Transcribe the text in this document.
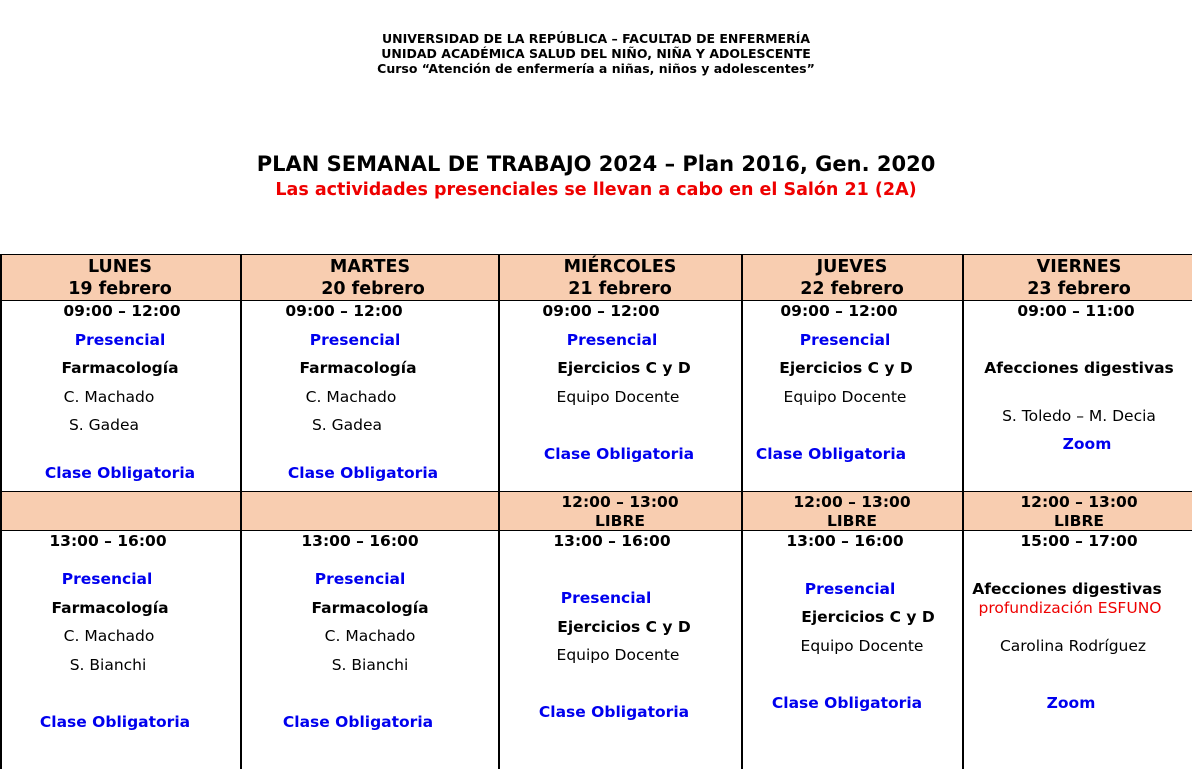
UNIVERSIDAD DE LA REPÚBLICA – FACULTAD DE ENFERMERÍA
UNIDAD ACADÉMICA SALUD DEL NIÑO, NIÑA Y ADOLESCENTE
Curso “Atención de enfermería a niñas, niños y adolescentes”
PLAN SEMANAL DE TRABAJO 2024 – Plan 2016, Gen. 2020
Las actividades presenciales se llevan a cabo en el Salón 21 (2A)
LUNES
19 febrero
MARTES
20 febrero
MIÉRCOLES
21 febrero
JUEVES
22 febrero
VIERNES
23 febrero
09:00 – 12:00
Presencial
Farmacología
C. Machado
S. Gadea
Clase Obligatoria
09:00 – 12:00
Presencial
Farmacología
C. Machado
S. Gadea
Clase Obligatoria
09:00 – 12:00
Presencial
Ejercicios C y D
Equipo Docente
Clase Obligatoria
09:00 – 12:00
Presencial
Ejercicios C y D
Equipo Docente
Clase Obligatoria
09:00 – 11:00
Afecciones digestivas
S. Toledo – M. Decia
Zoom
12:00 – 13:00
LIBRE
12:00 – 13:00
LIBRE
12:00 – 13:00
LIBRE
13:00 – 16:00
Presencial
Farmacología
C. Machado
S. Bianchi
Clase Obligatoria
13:00 – 16:00
Presencial
Farmacología
C. Machado
S. Bianchi
Clase Obligatoria
13:00 – 16:00
Presencial
Ejercicios C y D
Equipo Docente
Clase Obligatoria
13:00 – 16:00
Presencial
Ejercicios C y D
Equipo Docente
Clase Obligatoria
15:00 – 17:00
Afecciones digestivas
profundización ESFUNO
Carolina Rodríguez
Zoom
